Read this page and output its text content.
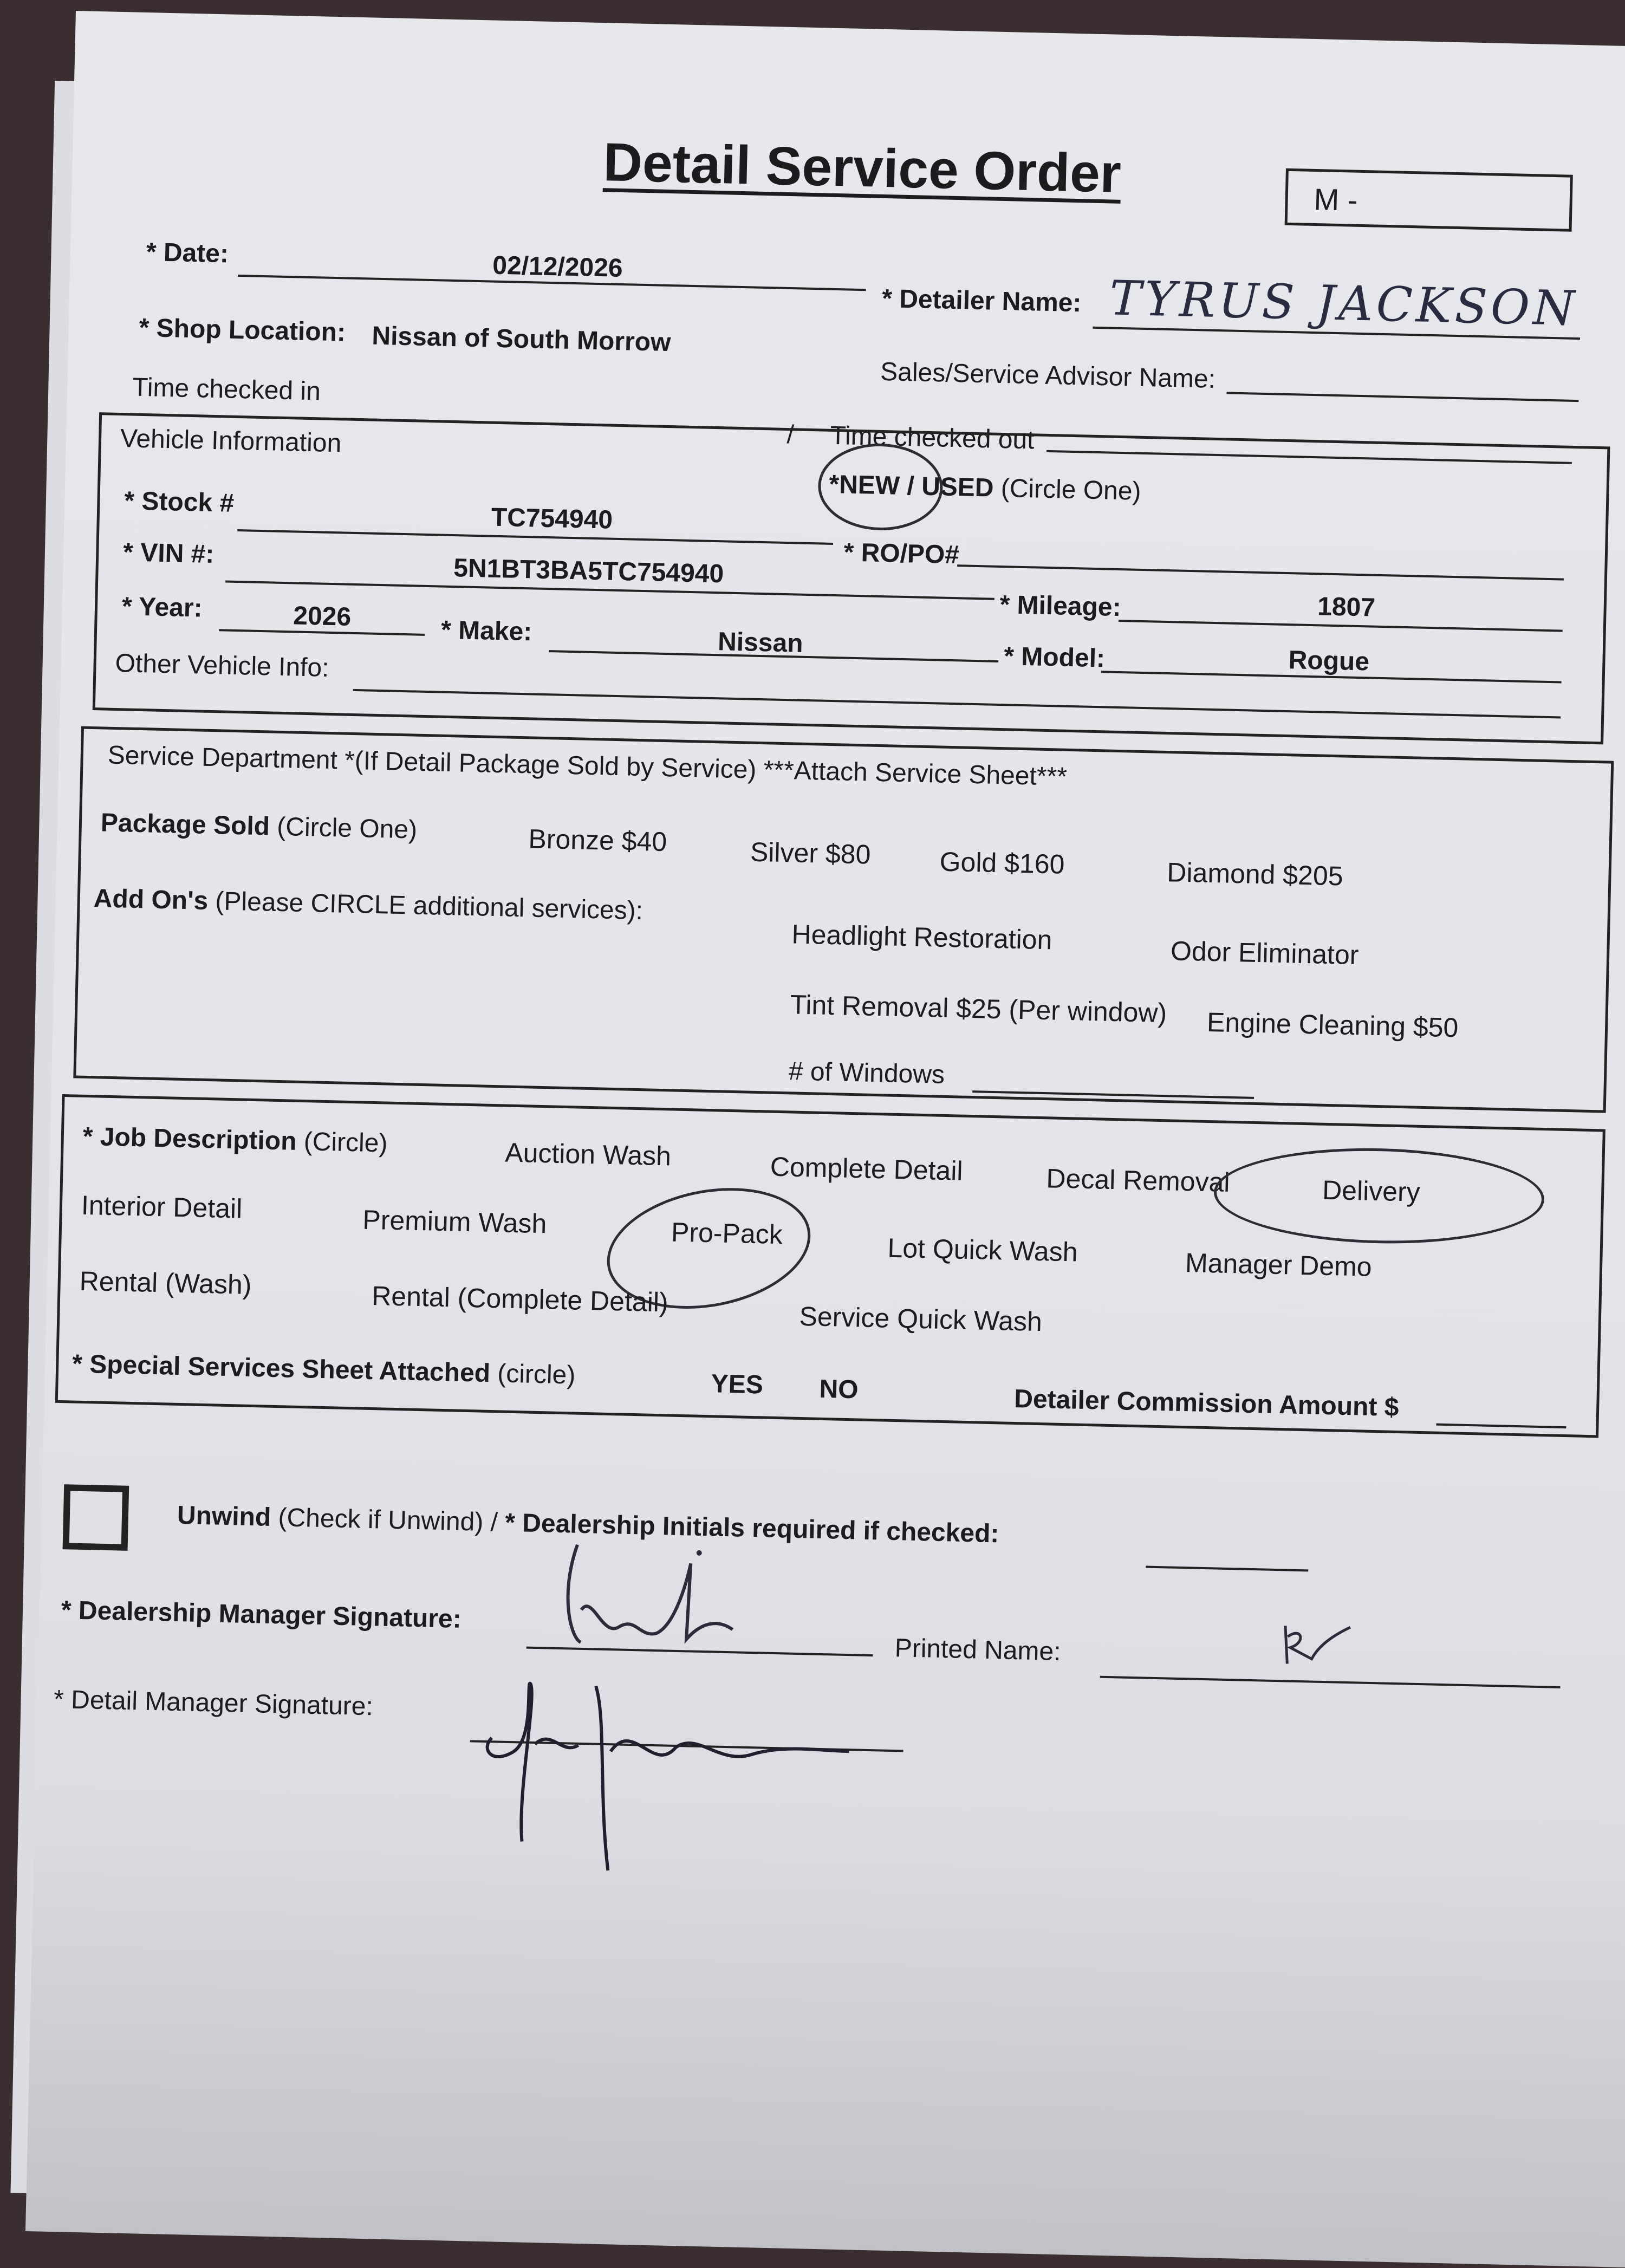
Detail Service Order	M -
* Date:	02/12/2026
* Detailer Name: TYRUS JACKSON
* Shop Location: Nissan of South Morrow
Sales/Service Advisor Name:
Time checked in
/ Time checked out
Vehicle Information
*NEW / USED (Circle One)
* Stock #
TC754940
* RO/PO#
* VIN #:
5N1BT3BA5TC754940
* Mileage:	1807
* Year:	2026	* Make:	Nissan	* Model:	Rogue
Other Vehicle Info:
Service Department *(If Detail Package Sold by Service) ***Attach Service Sheet***
Package Sold (Circle One)	Bronze $40	Silver $80	Gold $160	Diamond $205
Add On's (Please CIRCLE additional services):
Headlight Restoration	Odor Eliminator
Tint Removal $25 (Per window) Engine Cleaning $50
# of Windows
* Job Description (Circle)	Auction Wash	Complete Detail	Decal Removal	Delivery
Interior Detail	Premium Wash	Pro-Pack	Lot Quick Wash	Manager Demo
Rental (Wash)	Rental (Complete Detail)
Service Quick Wash
* Special Services Sheet Attached (circle)	YES NO	Detailer Commission Amount $
Unwind (Check if Unwind) / * Dealership Initials required if checked:
* Dealership Manager Signature:
Printed Name:
* Detail Manager Signature:
